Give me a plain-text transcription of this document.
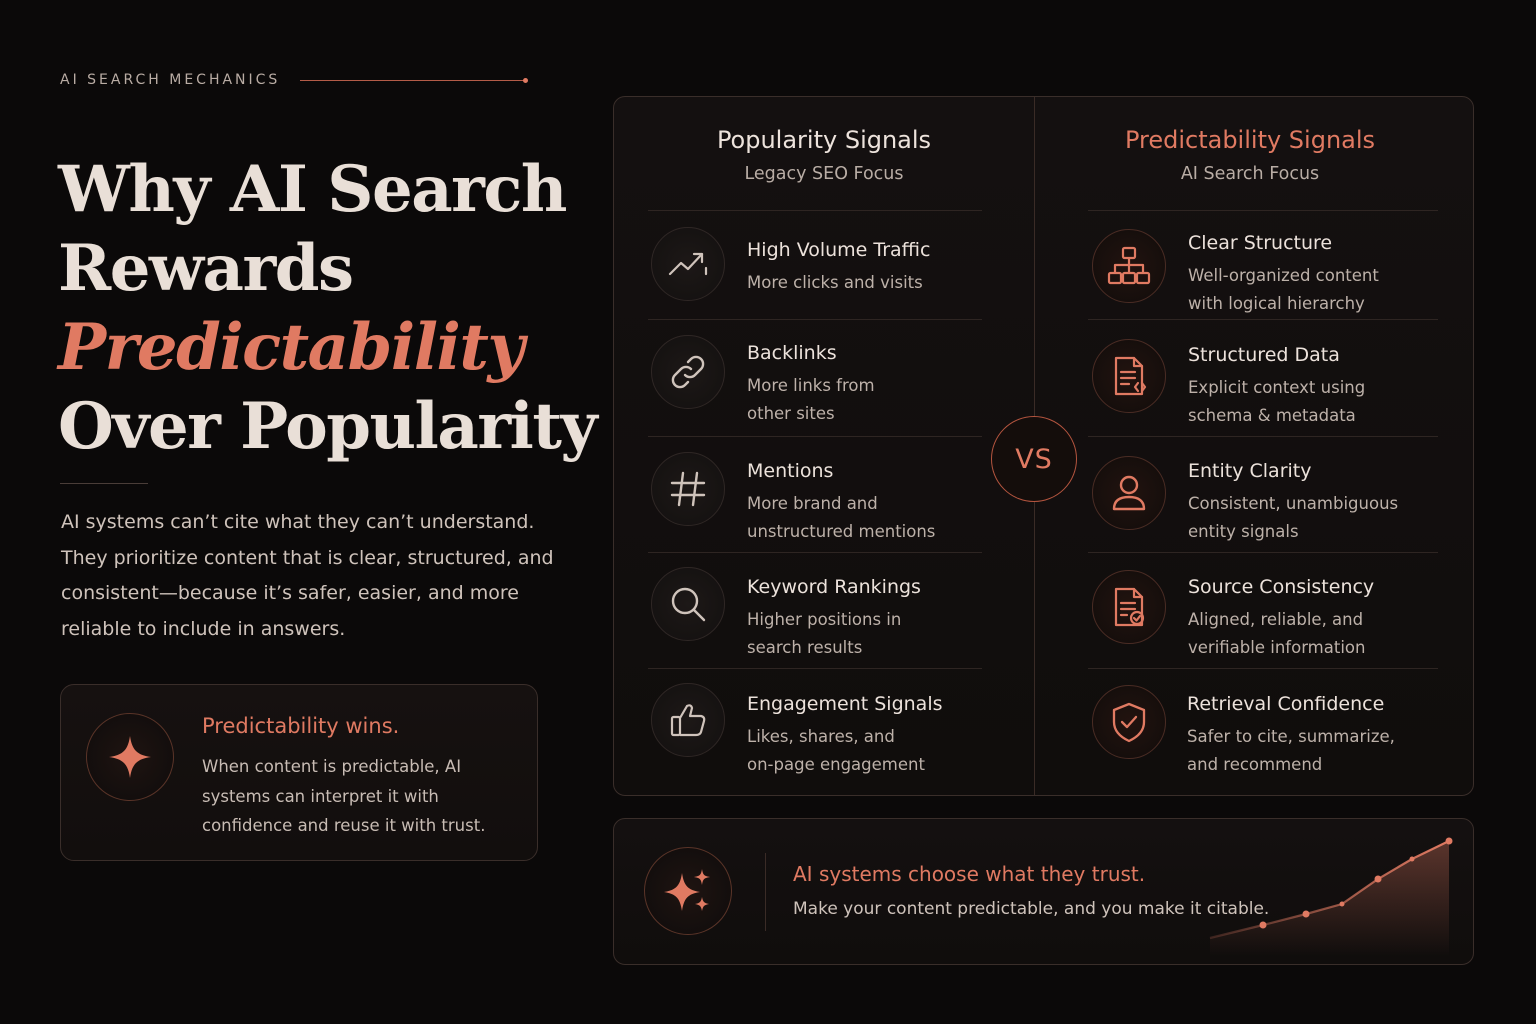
AI SEARCH MECHANICS
Why AI Search
Rewards
Predictability
Over Popularity

AI systems can’t cite what they can’t understand. They prioritize content that is clear, structured, and consistent—because it’s safer, easier, and more reliable to include in answers.

Predictability wins.

When content is predictable, AI systems can interpret it with confidence and reuse it with trust.

Popularity Signals
Legacy SEO Focus
Predictability Signals
AI Search Focus
High Volume Traffic
More clicks and visits
Backlinks
More links from
other sites
Mentions
More brand and
unstructured mentions
Keyword Rankings
Higher positions in
search results
Engagement Signals
Likes, shares, and
on-page engagement
VS
Clear Structure
Well-organized content
with logical hierarchy
Structured Data
Explicit context using
schema & metadata
Entity Clarity
Consistent, unambiguous
entity signals
Source Consistency
Aligned, reliable, and
verifiable information
Retrieval Confidence
Safer to cite, summarize,
and recommend
AI systems choose what they trust.
Make your content predictable, and you make it citable.
